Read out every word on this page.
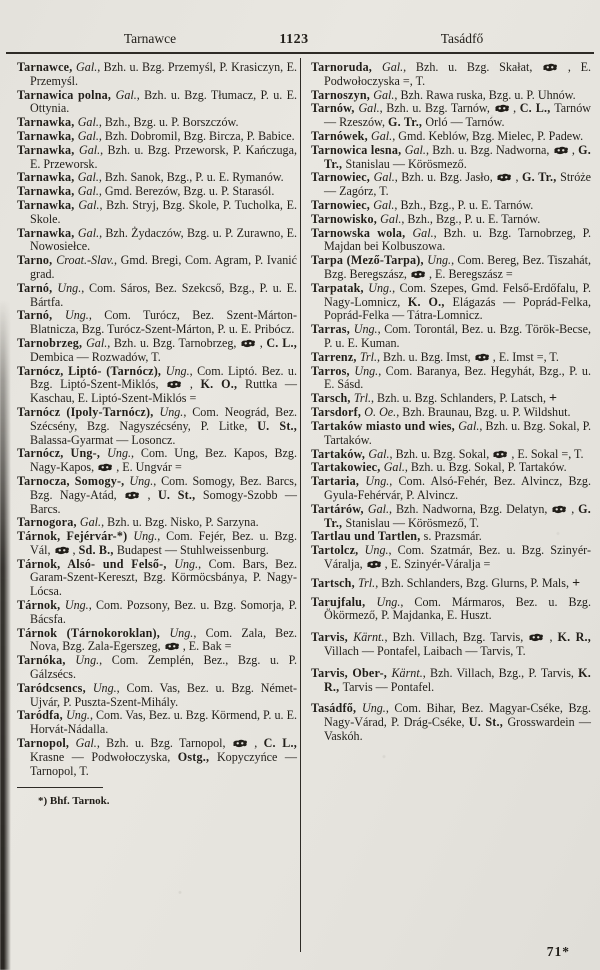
Tarnawce	1123	Tasádfő
Tarnawce, Gal., Bzh. u. Bzg. Przemyśl, P. Krasiczyn, E. Przemyśl.
Tarnawica polna, Gal., Bzh. u. Bzg. Tłumacz, P. u. E. Ottynia.
Tarnawka, Gal., Bzh., Bzg. u. P. Borszczów.
Tarnawka, Gal., Bzh. Dobromil, Bzg. Bircza, P. Babice.
Tarnawka, Gal., Bzh. u. Bzg. Przeworsk, P. Kańczuga, E. Przeworsk.
Tarnawka, Gal., Bzh. Sanok, Bzg., P. u. E. Rymanów.
Tarnawka, Gal., Gmd. Berezów, Bzg. u. P. Starasól.
Tarnawka, Gal., Bzh. Stryj, Bzg. Skole, P. Tucholka, E. Skole.
Tarnawka, Gal., Bzh. Żydaczów, Bzg. u. P. Zurawno, E. Nowosiełce.
Tarno, Croat.-Slav., Gmd. Bregi, Com. Agram, P. Ivanić grad.
Tarnó, Ung., Com. Sáros, Bez. Szekcső, Bzg., P. u. E. Bártfa.
Tarnó, Ung., Com. Turócz, Bez. Szent-Márton-Blatnicza, Bzg. Turócz-Szent-Márton, P. u. E. Pribócz.
Tarnobrzeg, Gal., Bzh. u. Bzg. Tarnobrzeg,
, C. L., Dembica — Rozwadów, T.
Tarnócz, Liptó- (Tarnócz), Ung., Com. Liptó. Bez. u. Bzg. Liptó-Szent-Miklós,
, K. O., Ruttka — Kaschau, E. Liptó-Szent-Miklós =
Tarnócz (Ipoly-Tarnócz), Ung., Com. Neográd, Bez. Szécsény, Bzg. Nagyszécsény, P. Litke, U. St., Balassa-Gyarmat — Losoncz.
Tarnócz, Ung-, Ung., Com. Ung, Bez. Kapos, Bzg. Nagy-Kapos,
, E. Ungvár =
Tarnocza, Somogy-, Ung., Com. Somogy, Bez. Barcs, Bzg. Nagy-Atád,
, U. St., Somogy-Szobb — Barcs.
Tarnogora, Gal., Bzh. u. Bzg. Nisko, P. Sarzyna.
Tárnok, Fejérvár-*) Ung., Com. Fejér, Bez. u. Bzg. Vál,
, Sd. B., Budapest — Stuhlweissenburg.
Tárnok, Alsó- und Felső-, Ung., Com. Bars, Bez. Garam-Szent-Kereszt, Bzg. Körmöcsbánya, P. Nagy-Lócsa.
Tárnok, Ung., Com. Pozsony, Bez. u. Bzg. Somorja, P. Bácsfa.
Tárnok (Tárnokoroklan), Ung., Com. Zala, Bez. Nova, Bzg. Zala-Egerszeg,
, E. Bak =
Tarnóka, Ung., Com. Zemplén, Bez., Bzg. u. P. Gálzsécs.
Taródcsencs, Ung., Com. Vas, Bez. u. Bzg. Német-Ujvár, P. Puszta-Szent-Mihály.
Taródfa, Ung., Com. Vas, Bez. u. Bzg. Körmend, P. u. E. Horvát-Nádalla.
Tarnopol, Gal., Bzh. u. Bzg. Tarnopol,
, C. L., Krasne — Podwołoczyska, Ostg., Kopyczyńce — Tarnopol, T.
*) Bhf. Tarnok.
Tarnoruda, Gal., Bzh. u. Bzg. Skałat,
, E. Podwołoczyska =, T.
Tarnoszyn, Gal., Bzh. Rawa ruska, Bzg. u. P. Uhnów.
Tarnów, Gal., Bzh. u. Bzg. Tarnów,
, C. L., Tarnów — Rzeszów, G. Tr., Orló — Tarnów.
Tarnówek, Gal., Gmd. Keblów, Bzg. Mielec, P. Padew.
Tarnowica lesna, Gal., Bzh. u. Bzg. Nadworna,
, G. Tr., Stanislau — Körösmező.
Tarnowiec, Gal., Bzh. u. Bzg. Jasło,
, G. Tr., Stróże — Zagórz, T.
Tarnowiec, Gal., Bzh., Bzg., P. u. E. Tarnów.
Tarnowisko, Gal., Bzh., Bzg., P. u. E. Tarnów.
Tarnowska wola, Gal., Bzh. u. Bzg. Tarnobrzeg, P. Majdan bei Kolbuszowa.
Tarpa (Mező-Tarpa), Ung., Com. Bereg, Bez. Tiszahát, Bzg. Beregszász,
, E. Beregszász =
Tarpatak, Ung., Com. Szepes, Gmd. Felső-Erdőfalu, P. Nagy-Lomnicz, K. O., Elágazás — Poprád-Felka, Poprád-Felka — Tátra-Lomnicz.
Tarras, Ung., Com. Torontál, Bez. u. Bzg. Török-Becse, P. u. E. Kuman.
Tarrenz, Trl., Bzh. u. Bzg. Imst,
, E. Imst =, T.
Tarros, Ung., Com. Baranya, Bez. Hegyhát, Bzg., P. u. E. Sásd.
Tarsch, Trl., Bzh. u. Bzg. Schlanders, P. Latsch, +
Tarsdorf, O. Oe., Bzh. Braunau, Bzg. u. P. Wildshut.
Tartaków miasto und wies, Gal., Bzh. u. Bzg. Sokal, P. Tartaków.
Tartaków, Gal., Bzh. u. Bzg. Sokal,
, E. Sokal =, T.
Tartakowiec, Gal., Bzh. u. Bzg. Sokal, P. Tartaków.
Tartaria, Ung., Com. Alsó-Fehér, Bez. Alvincz, Bzg. Gyula-Fehérvár, P. Alvincz.
Tartárów, Gal., Bzh. Nadworna, Bzg. Delatyn,
, G. Tr., Stanislau — Körösmező, T.
Tartlau und Tartlen, s. Prazsmár.
Tartolcz, Ung., Com. Szatmár, Bez. u. Bzg. Szinyér-Váralja,
, E. Szinyér-Váralja =
Tartsch, Trl., Bzh. Schlanders, Bzg. Glurns, P. Mals, +
Tarujfalu, Ung., Com. Mármaros, Bez. u. Bzg. Ökörmező, P. Majdanka, E. Huszt.
Tarvis, Kärnt., Bzh. Villach, Bzg. Tarvis,
, K. R., Villach — Pontafel, Laibach — Tarvis, T.
Tarvis, Ober-, Kärnt., Bzh. Villach, Bzg., P. Tarvis, K. R., Tarvis — Pontafel.
Tasádfő, Ung., Com. Bihar, Bez. Magyar-Cséke, Bzg. Nagy-Várad, P. Drág-Cséke, U. St., Grosswardein — Vaskóh.
71*
